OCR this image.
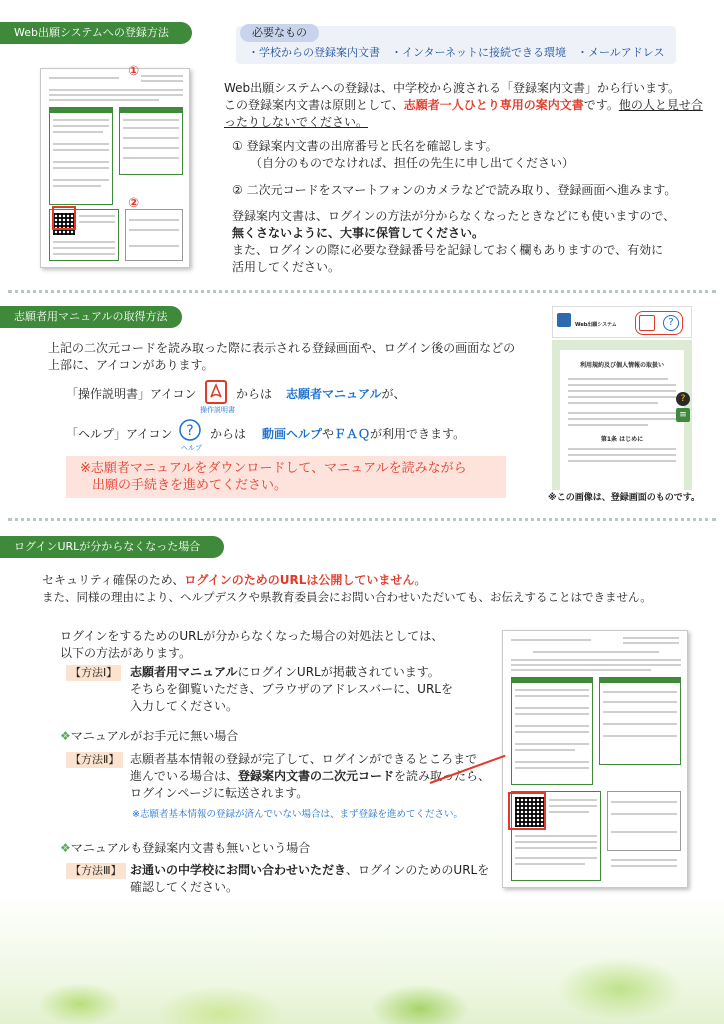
Web出願システムへの登録方法	必要なもの
・学校からの登録案内文書　・インターネットに接続できる環境　・メールアドレス
①
②
Web出願システムへの登録は、中学校から渡される「登録案内文書」から行います。
この登録案内文書は原則として、志願者一人ひとり専用の案内文書です。他の人と見せ合ったりしないでください。
① 登録案内文書の出席番号と氏名を確認します。
（自分のものでなければ、担任の先生に申し出てください）
② 二次元コードをスマートフォンのカメラなどで読み取り、登録画面へ進みます。
登録案内文書は、ログインの方法が分からなくなったときなどにも使いますので、
無くさないように、大事に保管してください。
また、ログインの際に必要な登録番号を記録しておく欄もありますので、有効に
活用してください。
志願者用マニュアルの取得方法
上記の二次元コードを読み取った際に表示される登録画面や、ログイン後の画面などの
上部に、アイコンがあります。
「操作説明書」アイコン
操作説明書
からは 志願者マニュアルが、
「ヘルプ」アイコン ?
ヘルプ
からは 動画ヘルプやＦＡＱが利用できます。
※志願者マニュアルをダウンロードして、マニュアルを読みながら
出願の手続きを進めてください。
Web出願システム	?
利用規約及び個人情報の取扱い
第1条 はじめに
?
≡
※この画像は、登録画面のものです。
ログインURLが分からなくなった場合
セキュリティ確保のため、ログインのためのURLは公開していません。
また、同様の理由により、ヘルプデスクや県教育委員会にお問い合わせいただいても、お伝えすることはできません。
ログインをするためのURLが分からなくなった場合の対処法としては、
以下の方法があります。
【方法Ⅰ】	志願者用マニュアルにログインURLが掲載されています。
そちらを御覧いただき、ブラウザのアドレスバーに、URLを
入力してください。
❖マニュアルがお手元に無い場合
【方法Ⅱ】 志願者基本情報の登録が完了して、ログインができるところまで
進んでいる場合は、登録案内文書の二次元コードを読み取ったら、
ログインページに転送されます。
※志願者基本情報の登録が済んでいない場合は、まず登録を進めてください。
❖マニュアルも登録案内文書も無いという場合
【方法Ⅲ】 お通いの中学校にお問い合わせいただき、ログインのためのURLを
確認してください。
